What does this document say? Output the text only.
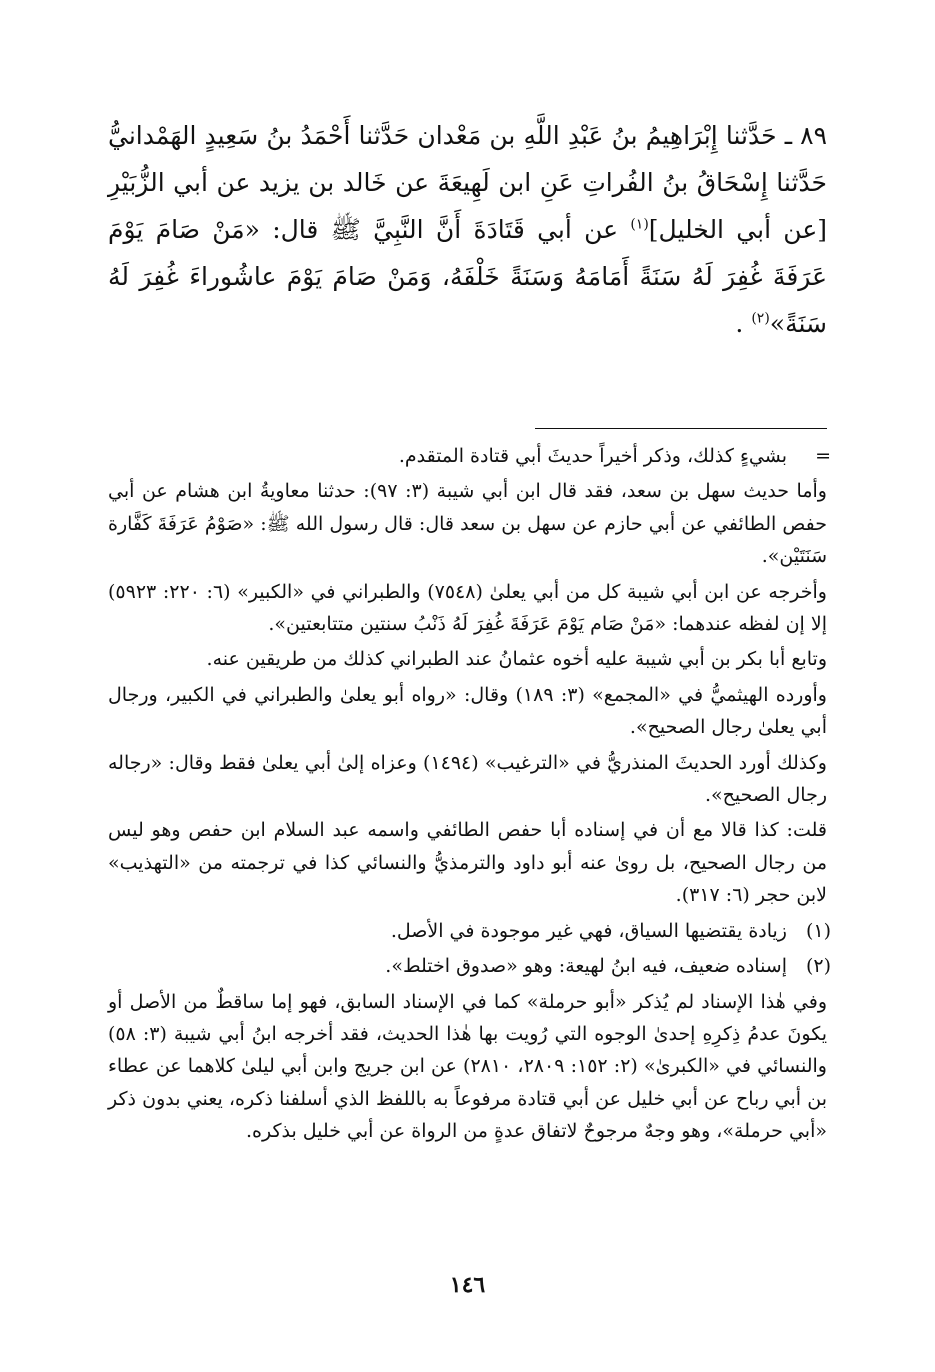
٨٩ ـ حَدَّثنا إِبْرَاهِيمُ بنُ عَبْدِ اللَّهِ بن مَعْدان حَدَّثنا أَحْمَدُ بنُ سَعِيدٍ الهَمْدانيُّ حَدَّثنا إِسْحَاقُ بنُ الفُراتِ عَنِ ابن لَهِيعَةَ عن خَالد بن يزيد عن أبي الزُّبَيْرِ [عن أبي الخليل]$^{(١)}$ عن أبي قَتَادَةَ أَنَّ النَّبِيَّ ﷺ قال: «مَنْ صَامَ يَوْمَ عَرَفَةَ غُفِرَ لَهُ سَنَةً أَمَامَهُ وَسَنَةً خَلْفَهُ، وَمَنْ صَامَ يَوْمَ عاشُوراءَ غُفِرَ لَهُ سَنَةً»$^{(٢)}$ .

=

بشيءٍ كذلك، وذكر أخيراً حديثَ أبي قتادة المتقدم.

وأما حديث سهل بن سعد، فقد قال ابن أبي شيبة (٣: ٩٧): حدثنا معاويةُ ابن هشام عن أبي حفص الطائفي عن أبي حازم عن سهل بن سعد قال: قال رسول الله ﷺ: «صَوْمُ عَرَفَةَ كَفَّارة سَنَتَيْن».

وأخرجه عن ابن أبي شيبة كل من أبي يعلىٰ (٧٥٤٨) والطبراني في «الكبير» (٦: ٢٢٠: ٥٩٢٣) إلا إن لفظه عندهما: «مَنْ صَام يَوْمَ عَرَفَةَ غُفِرَ لَهُ ذَنْبُ سنتين متتابعتين».

وتابع أبا بكر بن أبي شيبة عليه أخوه عثمانُ عند الطبراني كذلك من طريقين عنه.

وأورده الهيثميُّ في «المجمع» (٣: ١٨٩) وقال: «رواه أبو يعلىٰ والطبراني في الكبير، ورجال أبي يعلىٰ رجال الصحيح».

وكذلك أورد الحديثَ المنذريُّ في «الترغيب» (١٤٩٤) وعزاه إلىٰ أبي يعلىٰ فقط وقال: «رجاله رجال الصحيح».

قلت: كذا قالا مع أن في إسناده أبا حفص الطائفي واسمه عبد السلام ابن حفص وهو ليس من رجال الصحيح، بل روىٰ عنه أبو داود والترمذيُّ والنسائي كذا في ترجمته من «التهذيب» لابن حجر (٦: ٣١٧).

(١)

زيادة يقتضيها السياق، فهي غير موجودة في الأصل.

(٢)

إسناده ضعيف، فيه ابنُ لهيعة: وهو «صدوق اختلط».

وفي هٰذا الإسناد لم يُذكر «أبو حرملة» كما في الإسناد السابق، فهو إما ساقطٌ من الأصل أو يكونَ عدمُ ذِكرِهِ إحدىٰ الوجوه التي رُويت بها هٰذا الحديث، فقد أخرجه ابنُ أبي شيبة (٣: ٥٨) والنسائي في «الكبرىٰ» (٢: ١٥٢: ٢٨٠٩، ٢٨١٠) عن ابن جريج وابن أبي ليلىٰ كلاهما عن عطاء بن أبي رباح عن أبي خليل عن أبي قتادة مرفوعاً به باللفظ الذي أسلفنا ذكره، يعني بدون ذكر «أبي حرملة»، وهو وجهٌ مرجوحٌ لاتفاق عدةٍ من الرواة عن أبي خليل بذكره.

١٤٦
